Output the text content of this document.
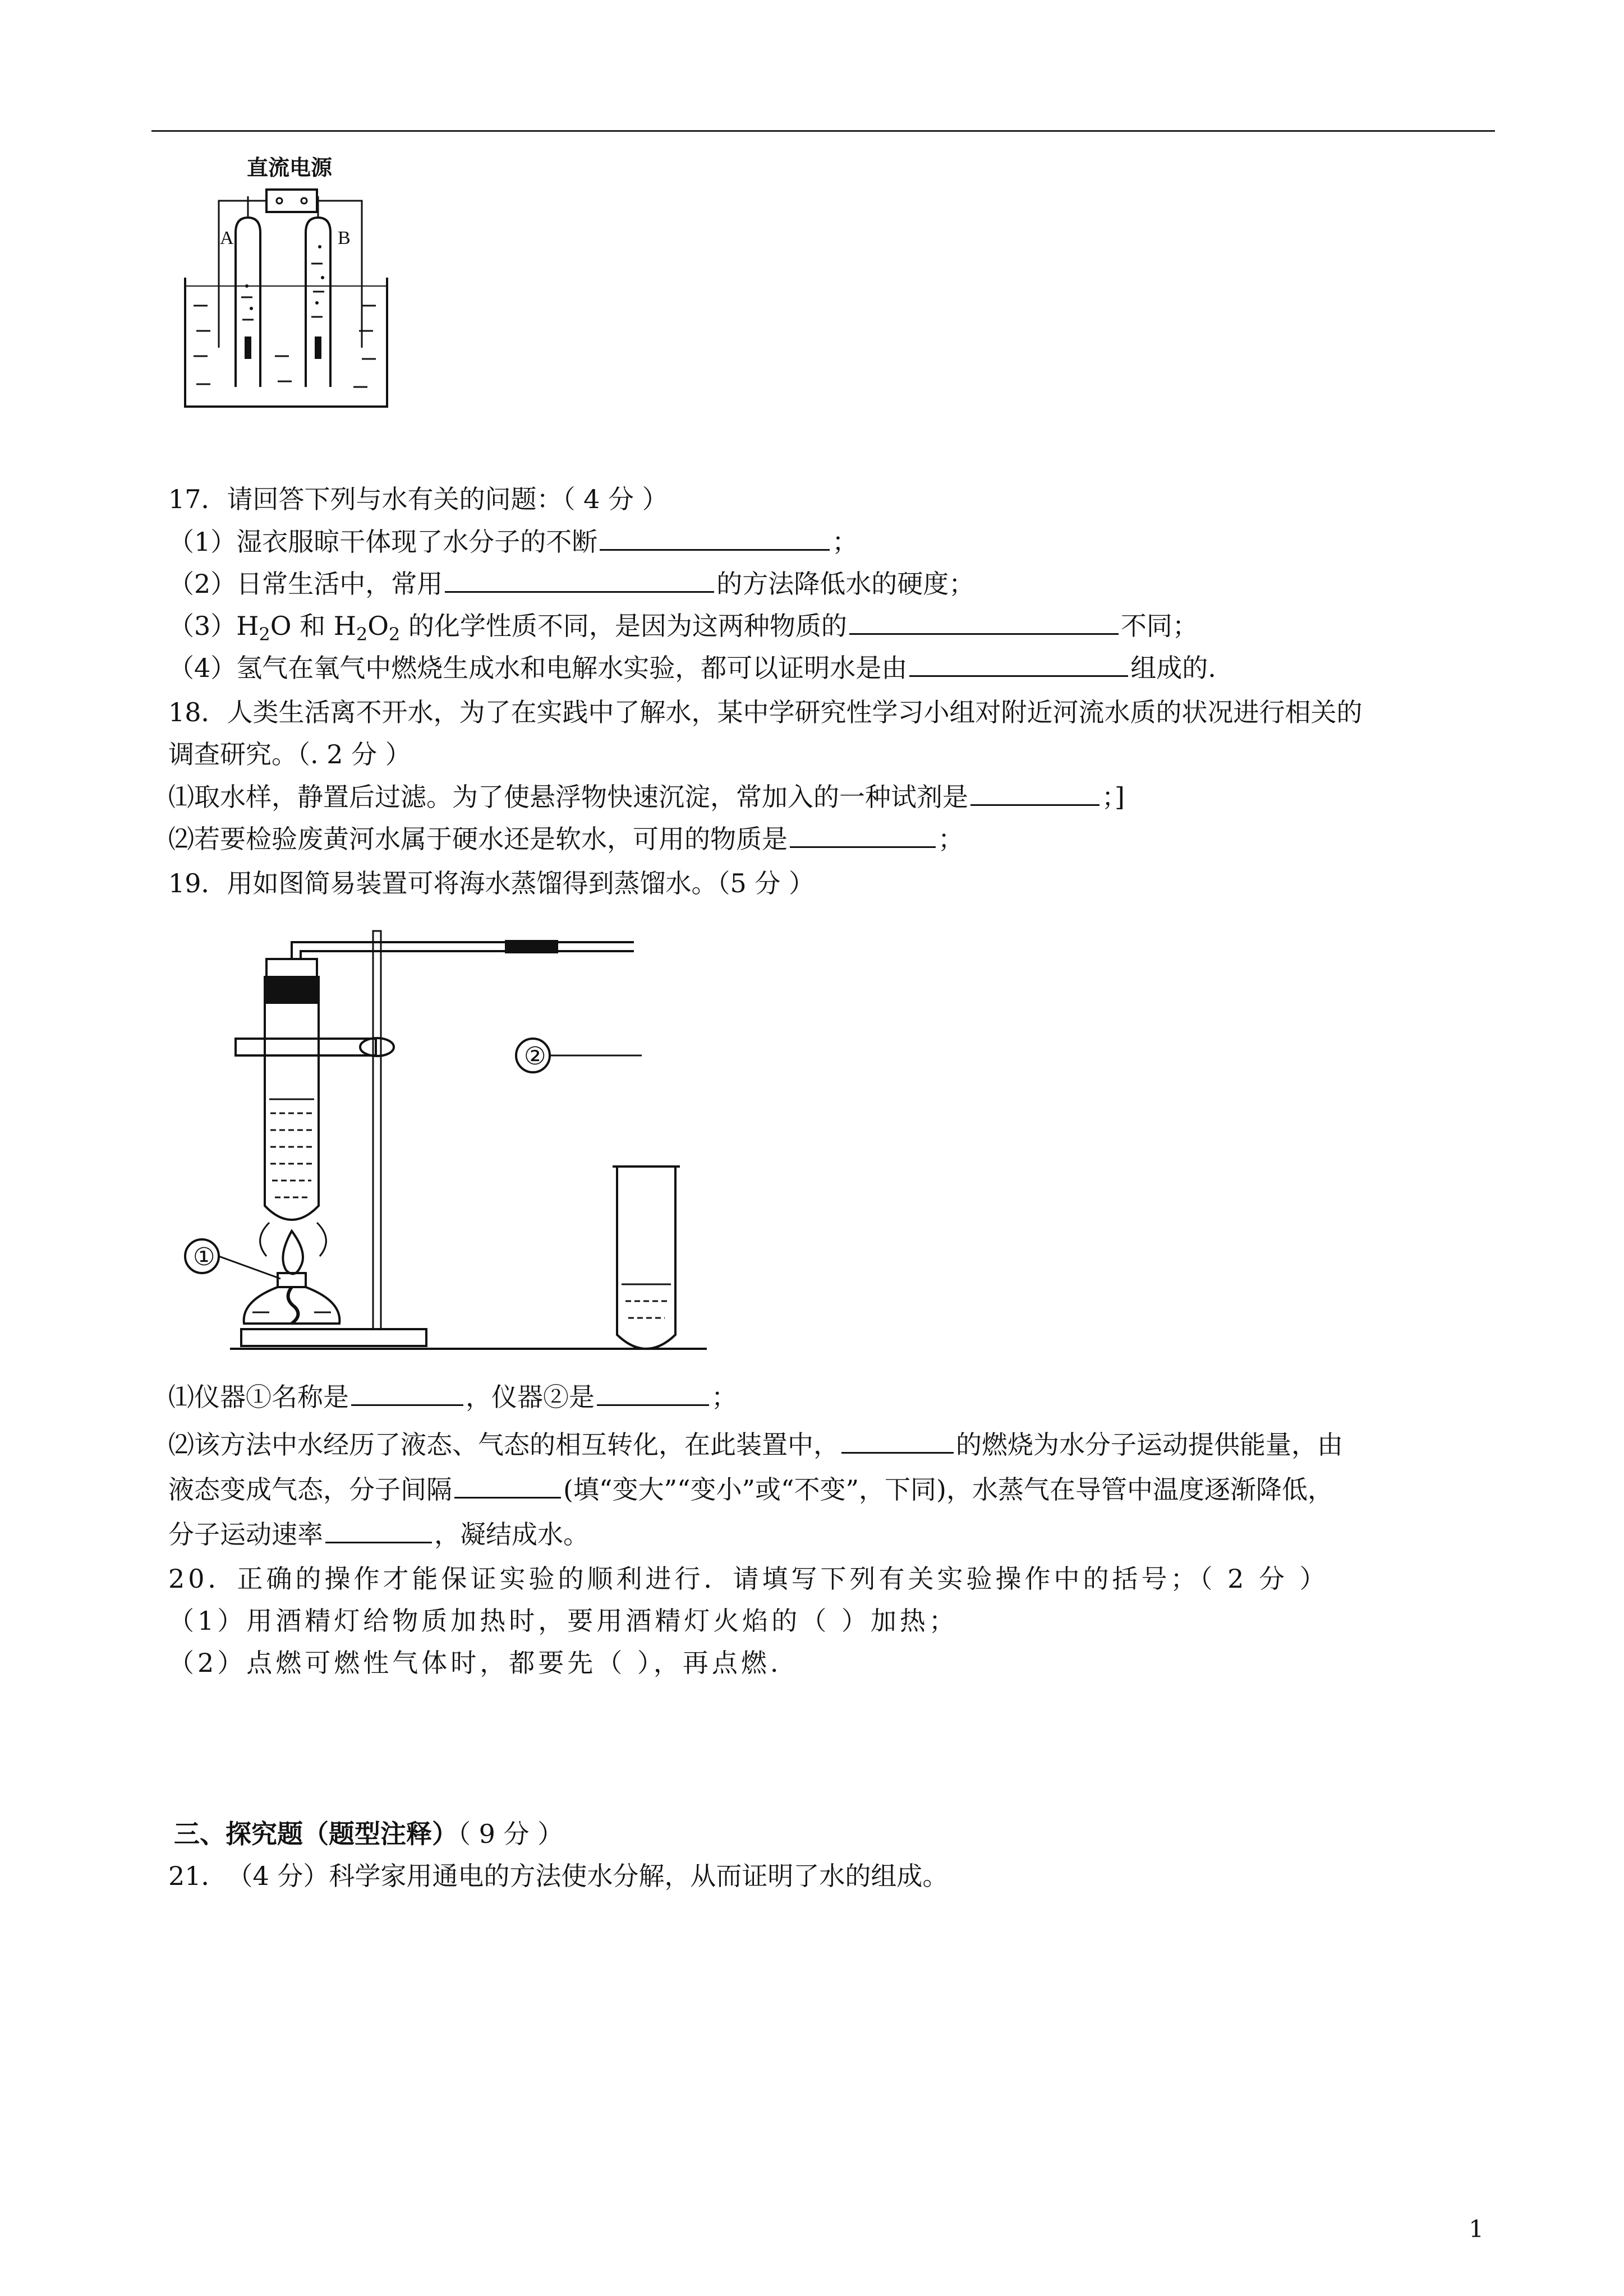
直流电源
A	B
17．请回答下列与水有关的问题：（ 4 分 ）
（1）湿衣服晾干体现了水分子的不断	；
（2）日常生活中，常用	的方法降低水的硬度；
$(3)H_2O$ 和 $H_2O_2$ 的化学性质不同，是因为这两种物质的	不同；
（4）氢气在氧气中燃烧生成水和电解水实验，都可以证明水是由	组成的.
18．人类生活离不开水，为了在实践中了解水，某中学研究性学习小组对附近河流水质的状况进行相关的
调查研究。（. 2 分 ）
⑴取水样，静置后过滤。为了使悬浮物快速沉淀，常加入的一种试剂是	；]
⑵若要检验废黄河水属于硬水还是软水，可用的物质是	；
19．用如图简易装置可将海水蒸馏得到蒸馏水。（5 分 ）
②
①
⑴仪器①名称是	，仪器②是	；
⑵该方法中水经历了液态、气态的相互转化，在此装置中，	的燃烧为水分子运动提供能量，由
液态变成气态，分子间隔	(填“变大”“变小”或“不变”，下同)，水蒸气在导管中温度逐渐降低，
分子运动速率	，凝结成水。
20．正确的操作才能保证实验的顺利进行．请填写下列有关实验操作中的括号；（ 2 分 ）
（1）用酒精灯给物质加热时，要用酒精灯火焰的（ ）加热；
（2）点燃可燃性气体时，都要先（ ），再点燃.
三、探究题（题型注释）（ 9 分 ）
21．　（4 分）科学家用通电的方法使水分解，从而证明了水的组成。
1
